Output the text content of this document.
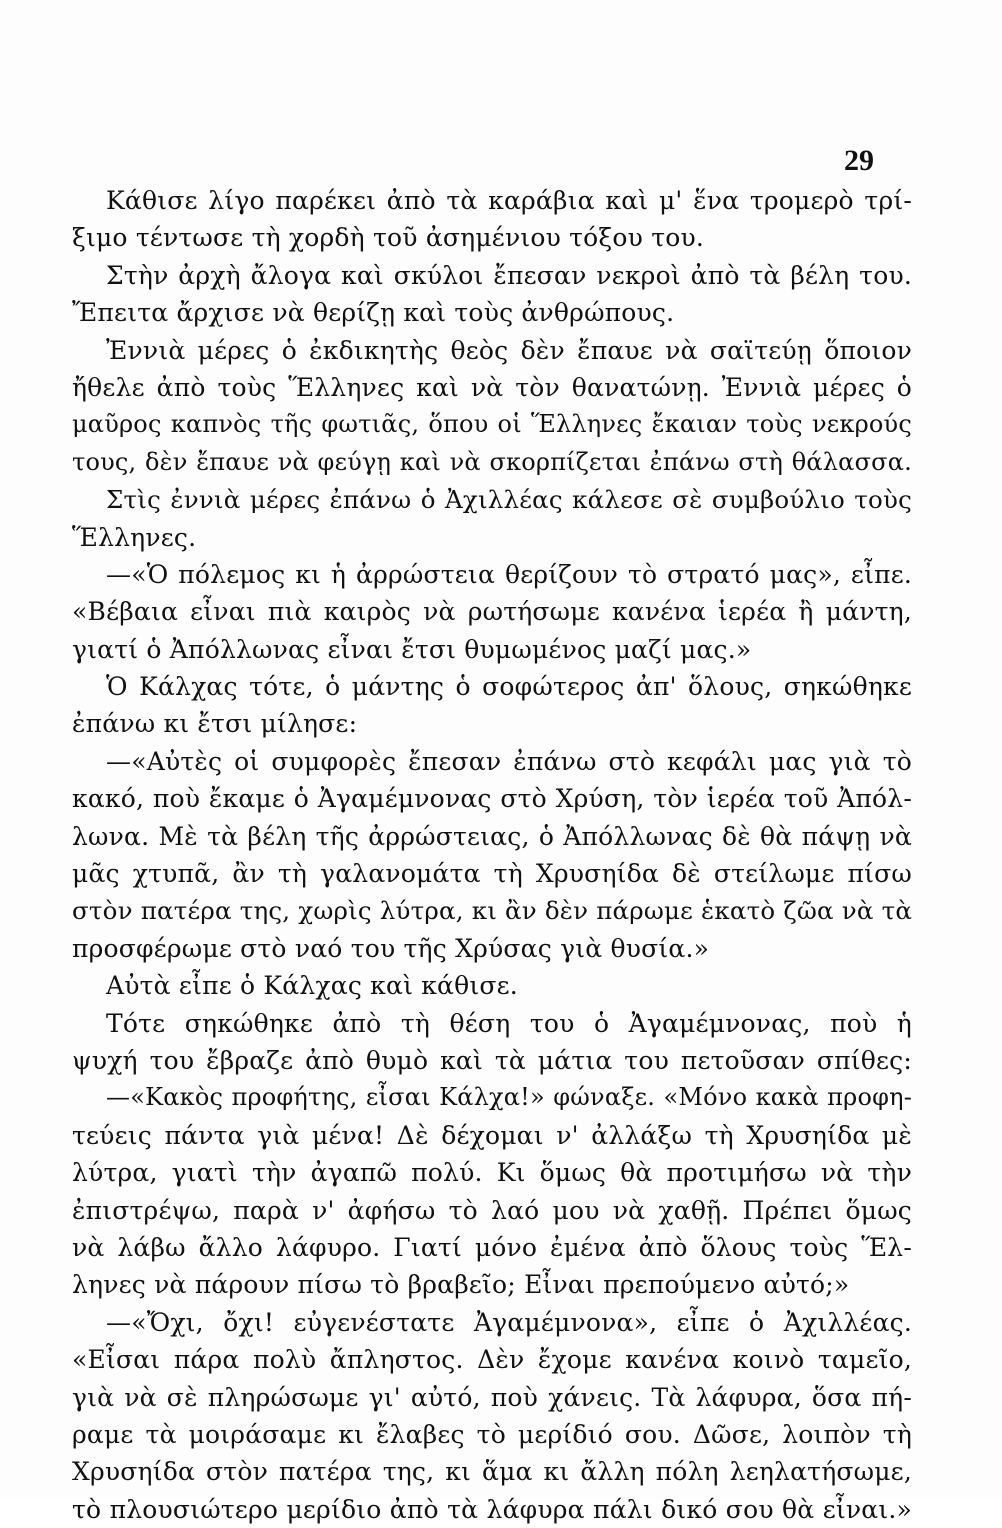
29
Κάθισε λίγο παρέκει ἀπὸ τὰ καράβια καὶ μ' ἕνα τρομερὸ τρί-
ξιμο τέντωσε τὴ χορδὴ τοῦ ἀσημένιου τόξου του.
Στὴν ἀρχὴ ἄλογα καὶ σκύλοι ἔπεσαν νεκροὶ ἀπὸ τὰ βέλη του.
Ἔπειτα ἄρχισε νὰ θερίζῃ καὶ τοὺς ἀνθρώπους.
Ἐννιὰ μέρες ὁ ἐκδικητὴς θεὸς δὲν ἔπαυε νὰ σαϊτεύῃ ὅποιον
ἤθελε ἀπὸ τοὺς Ἕλληνες καὶ νὰ τὸν θανατώνῃ. Ἐννιὰ μέρες ὁ
μαῦρος καπνὸς τῆς φωτιᾶς, ὅπου οἱ Ἕλληνες ἔκαιαν τοὺς νεκρούς
τους, δὲν ἔπαυε νὰ φεύγῃ καὶ νὰ σκορπίζεται ἐπάνω στὴ θάλασσα.
Στὶς ἐννιὰ μέρες ἐπάνω ὁ Ἀχιλλέας κάλεσε σὲ συμβούλιο τοὺς
Ἕλληνες.
—«Ὁ πόλεμος κι ἡ ἀρρώστεια θερίζουν τὸ στρατό μας», εἶπε.
«Βέβαια εἶναι πιὰ καιρὸς νὰ ρωτήσωμε κανένα ἱερέα ἢ μάντη,
γιατί ὁ Ἀπόλλωνας εἶναι ἔτσι θυμωμένος μαζί μας.»
Ὁ Κάλχας τότε, ὁ μάντης ὁ σοφώτερος ἀπ' ὅλους, σηκώθηκε
ἐπάνω κι ἔτσι μίλησε:
—«Αὐτὲς οἱ συμφορὲς ἔπεσαν ἐπάνω στὸ κεφάλι μας γιὰ τὸ
κακό, ποὺ ἔκαμε ὁ Ἀγαμέμνονας στὸ Χρύση, τὸν ἱερέα τοῦ Ἀπόλ-
λωνα. Μὲ τὰ βέλη τῆς ἀρρώστειας, ὁ Ἀπόλλωνας δὲ θὰ πάψῃ νὰ
μᾶς χτυπᾶ, ἂν τὴ γαλανομάτα τὴ Χρυσηίδα δὲ στείλωμε πίσω
στὸν πατέρα της, χωρὶς λύτρα, κι ἂν δὲν πάρωμε ἑκατὸ ζῶα νὰ τὰ
προσφέρωμε στὸ ναό του τῆς Χρύσας γιὰ θυσία.»
Αὐτὰ εἶπε ὁ Κάλχας καὶ κάθισε.
Τότε σηκώθηκε ἀπὸ τὴ θέση του ὁ Ἀγαμέμνονας, ποὺ ἡ
ψυχή του ἔβραζε ἀπὸ θυμὸ καὶ τὰ μάτια του πετοῦσαν σπίθες:
—«Κακὸς προφήτης, εἶσαι Κάλχα!» φώναξε. «Μόνο κακὰ προφη-
τεύεις πάντα γιὰ μένα! Δὲ δέχομαι ν' ἀλλάξω τὴ Χρυσηίδα μὲ
λύτρα, γιατὶ τὴν ἀγαπῶ πολύ. Κι ὅμως θὰ προτιμήσω νὰ τὴν
ἐπιστρέψω, παρὰ ν' ἀφήσω τὸ λαό μου νὰ χαθῇ. Πρέπει ὅμως
νὰ λάβω ἄλλο λάφυρο. Γιατί μόνο ἐμένα ἀπὸ ὅλους τοὺς Ἕλ-
ληνες νὰ πάρουν πίσω τὸ βραβεῖο; Εἶναι πρεπούμενο αὐτό;»
—«Ὄχι, ὄχι! εὐγενέστατε Ἀγαμέμνονα», εἶπε ὁ Ἀχιλλέας.
«Εἶσαι πάρα πολὺ ἄπληστος. Δὲν ἔχομε κανένα κοινὸ ταμεῖο,
γιὰ νὰ σὲ πληρώσωμε γι' αὐτό, ποὺ χάνεις. Τὰ λάφυρα, ὅσα πή-
ραμε τὰ μοιράσαμε κι ἔλαβες τὸ μερίδιό σου. Δῶσε, λοιπὸν τὴ
Χρυσηίδα στὸν πατέρα της, κι ἅμα κι ἄλλη πόλη λεηλατήσωμε,
τὸ πλουσιώτερο μερίδιο ἀπὸ τὰ λάφυρα πάλι δικό σου θὰ εἶναι.»
